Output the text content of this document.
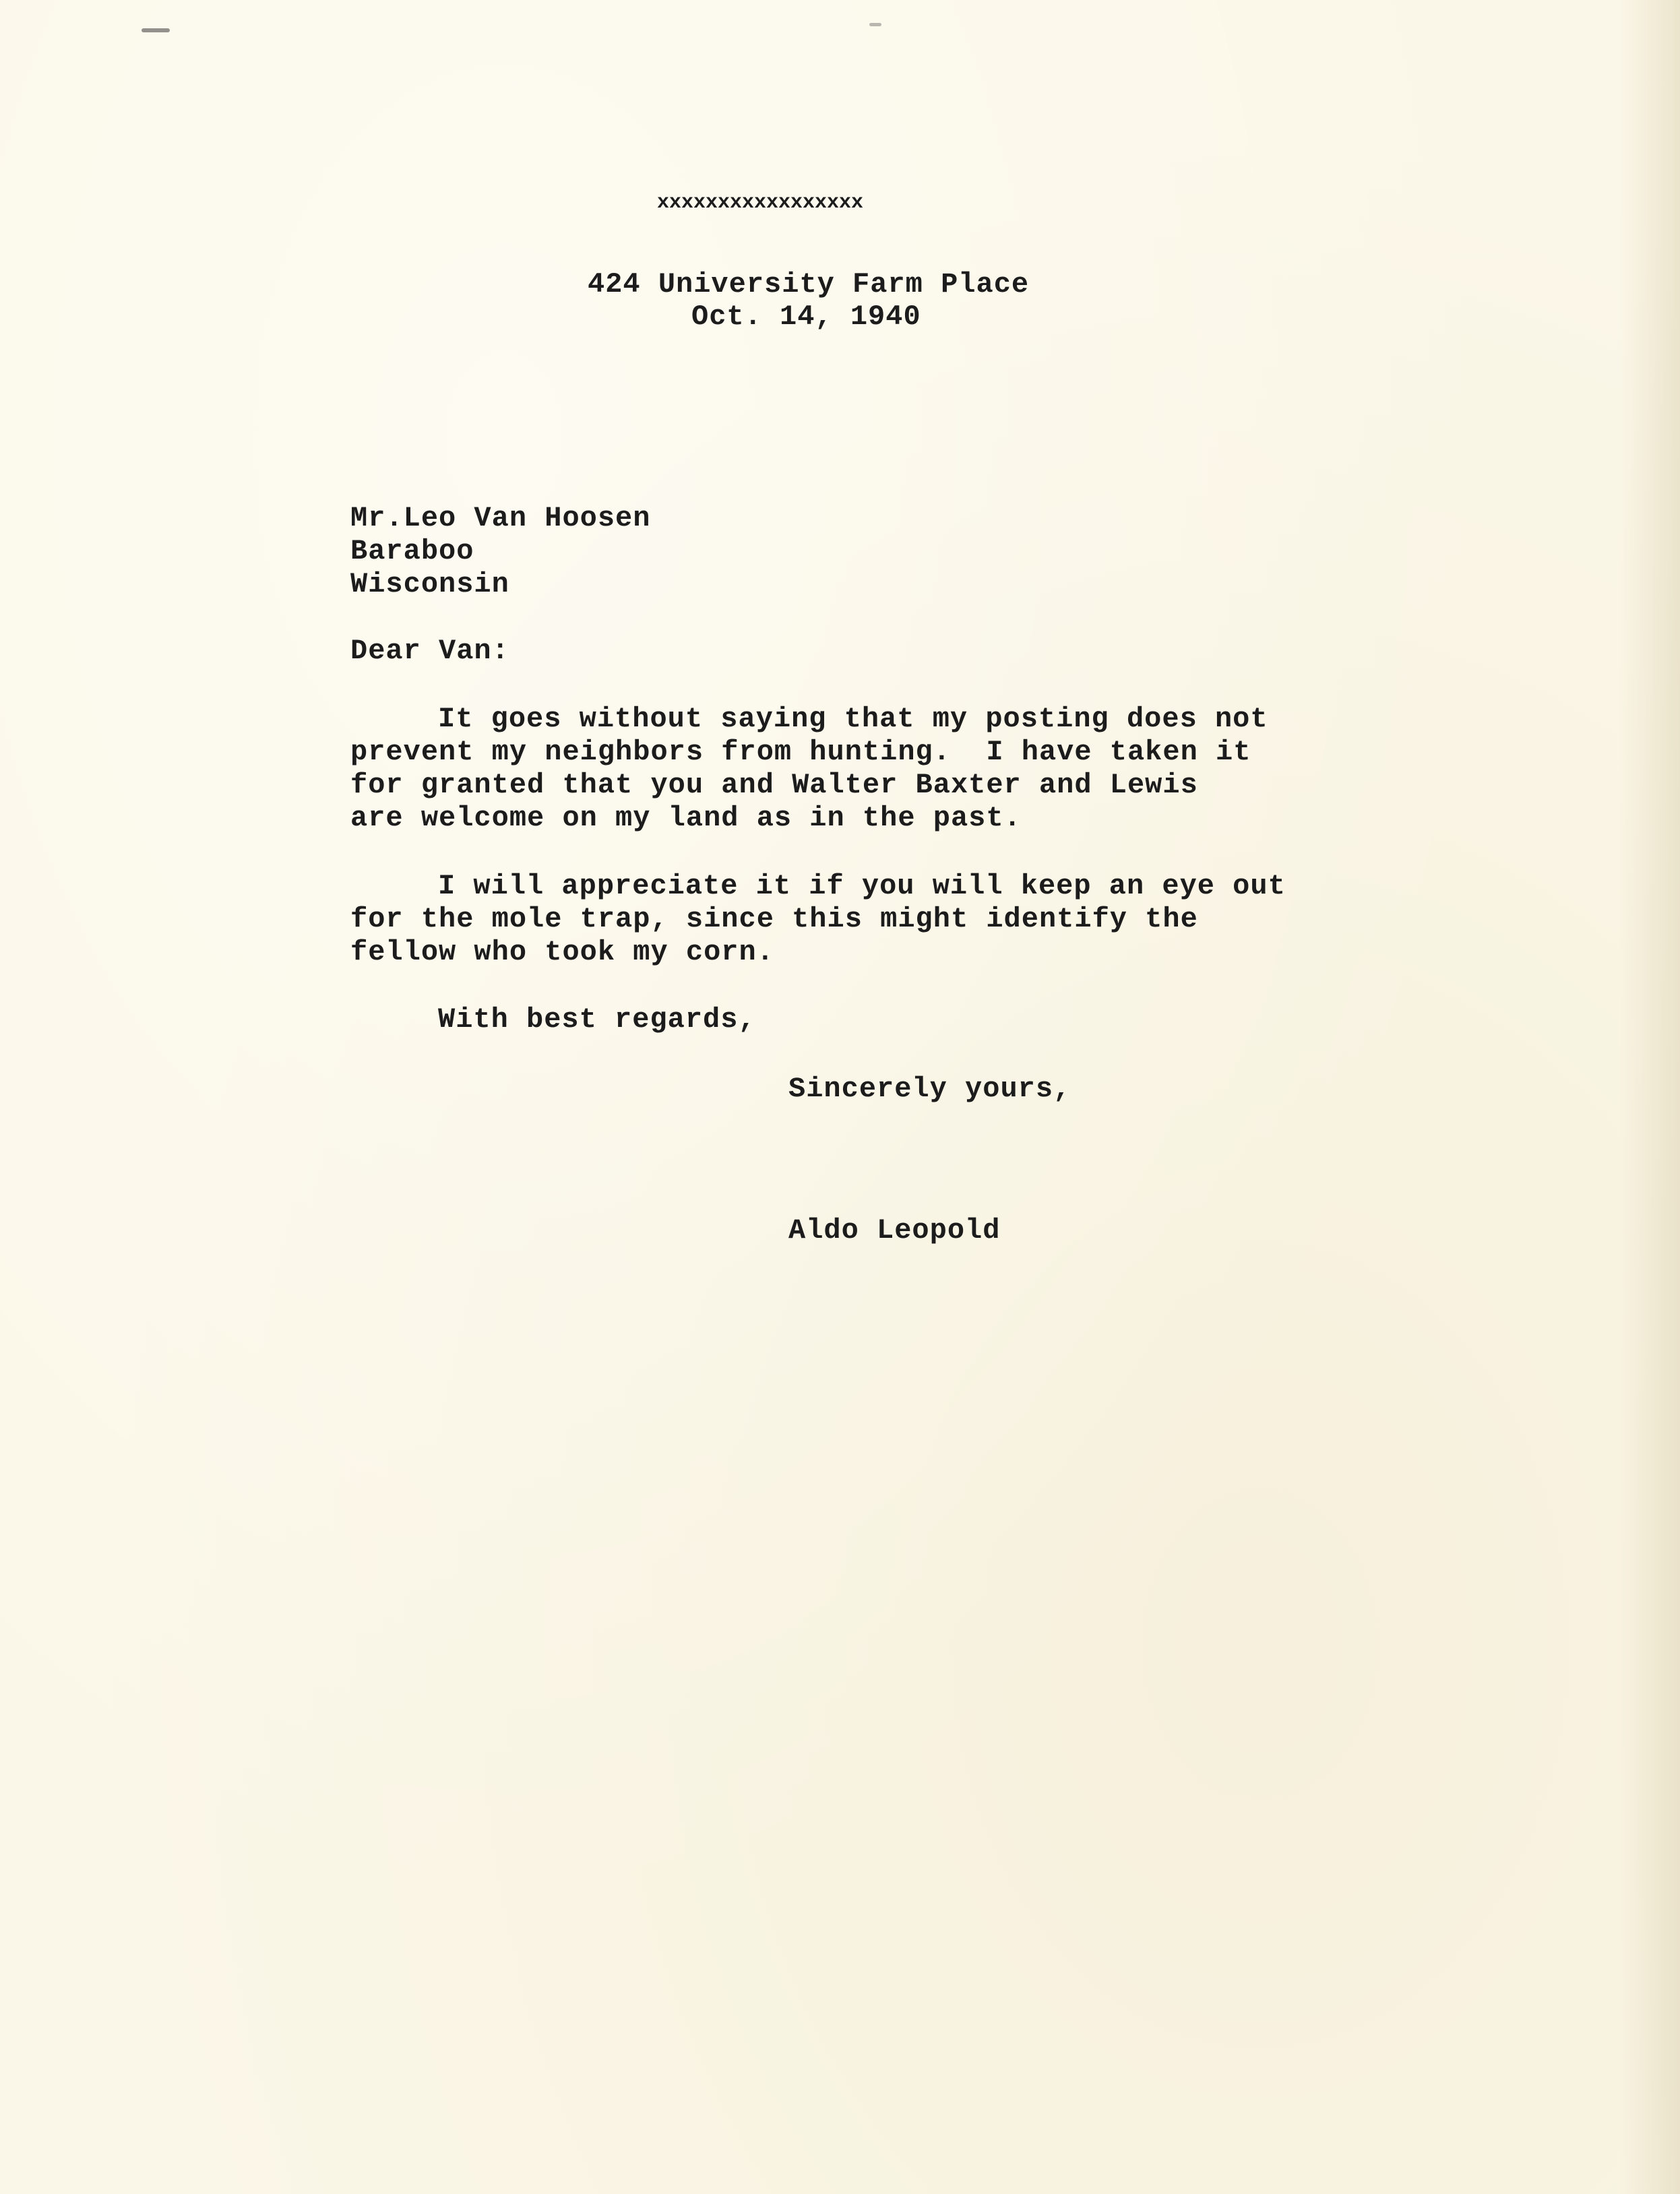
xxxxxxxxxxxxxxxxx
424 University Farm Place
Oct. 14, 1940
Mr.Leo Van Hoosen
Baraboo
Wisconsin
Dear Van:
It goes without saying that my posting does not
prevent my neighbors from hunting.  I have taken it
for granted that you and Walter Baxter and Lewis
are welcome on my land as in the past.
I will appreciate it if you will keep an eye out
for the mole trap, since this might identify the
fellow who took my corn.
With best regards,
Sincerely yours,
Aldo Leopold
